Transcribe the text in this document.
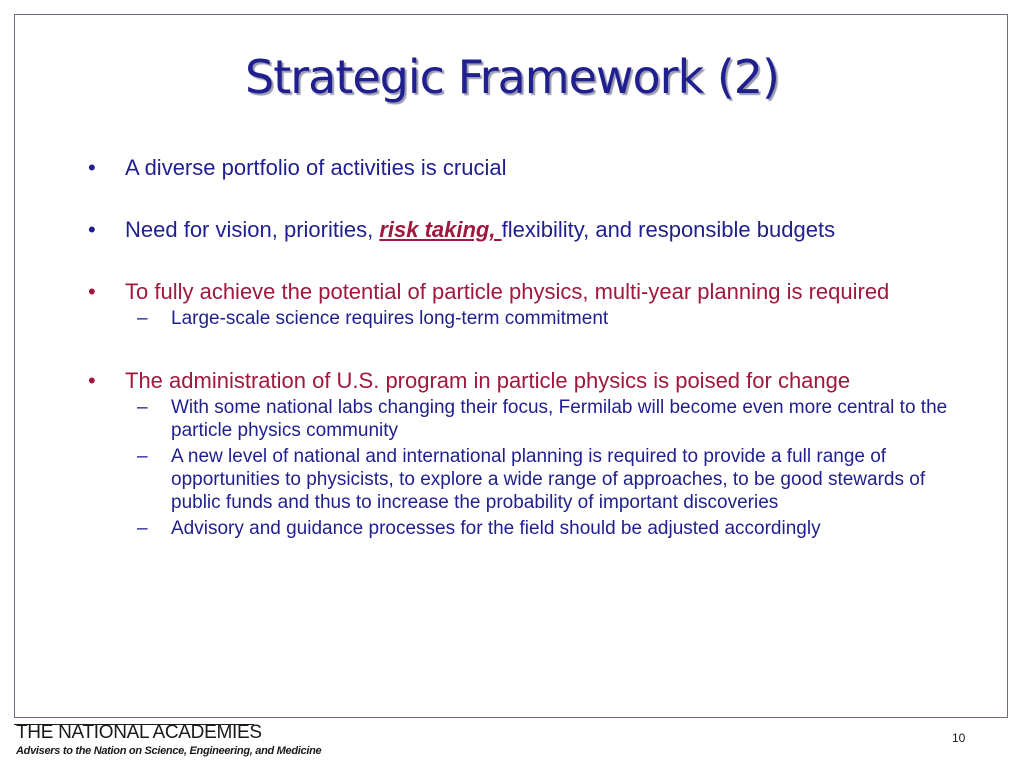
Strategic Framework (2)
• A diverse portfolio of activities is crucial
• Need for vision, priorities, risk taking, flexibility, and responsible budgets
• To fully achieve the potential of particle physics, multi-year planning is required
– Large-scale science requires long-term commitment
• The administration of U.S. program in particle physics is poised for change
– With some national labs changing their focus, Fermilab will become even more central to the particle physics community
– A new level of national and international planning is required to provide a full range of opportunities to physicists, to explore a wide range of approaches, to be good stewards of public funds and thus to increase the probability of important discoveries
– Advisory and guidance processes for the field should be adjusted accordingly
THE NATIONAL ACADEMIES
Advisers to the Nation on Science, Engineering, and Medicine
10
